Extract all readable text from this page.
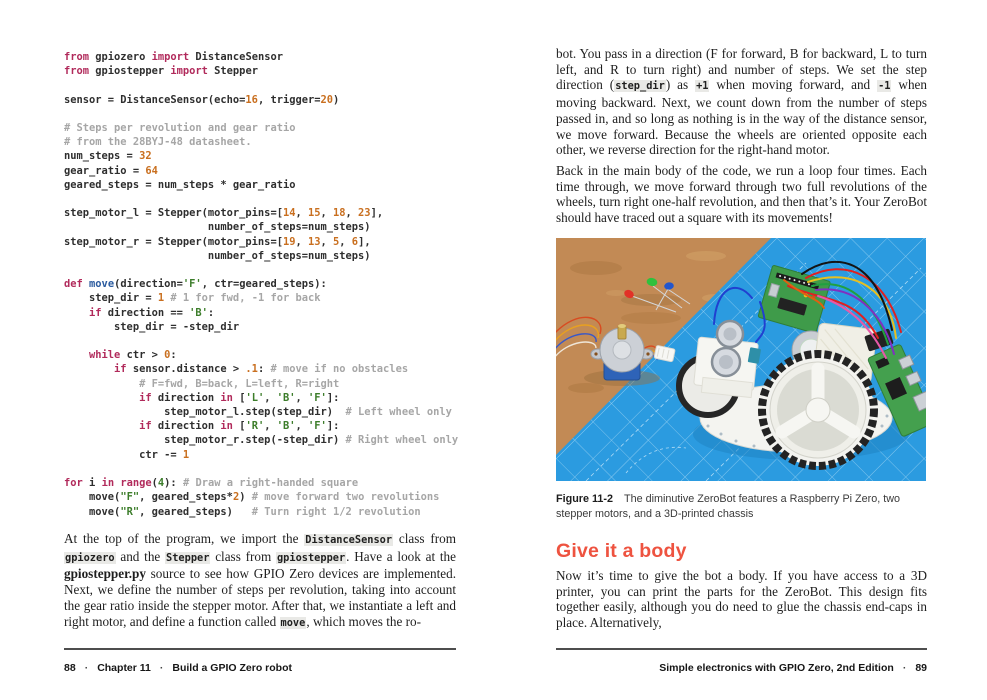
from gpiozero import DistanceSensor
from gpiostepper import Stepper

sensor = DistanceSensor(echo=16, trigger=20)

# Steps per revolution and gear ratio
# from the 28BYJ-48 datasheet.
num_steps = 32
gear_ratio = 64
geared_steps = num_steps * gear_ratio

step_motor_l = Stepper(motor_pins=[14, 15, 18, 23],
number_of_steps=num_steps)
step_motor_r = Stepper(motor_pins=[19, 13, 5, 6],
number_of_steps=num_steps)

def move(direction='F', ctr=geared_steps):
step_dir = 1 # 1 for fwd, -1 for back
if direction == 'B':
step_dir = -step_dir

while ctr > 0:
if sensor.distance > .1: # move if no obstacles
# F=fwd, B=back, L=left, R=right
if direction in ['L', 'B', 'F']:
step_motor_l.step(step_dir)  # Left wheel only
if direction in ['R', 'B', 'F']:
step_motor_r.step(-step_dir) # Right wheel only
ctr -= 1

for i in range(4): # Draw a right-handed square
move("F", geared_steps*2) # move forward two revolutions
move("R", geared_steps)   # Turn right 1/2 revolution
At the top of the program, we import the DistanceSensor class from gpiozero and the Stepper class from gpiostepper. Have a look at the gpiostepper.py source to see how GPIO Zero devices are implemented. Next, we define the number of steps per revolution, taking into account the gear ratio inside the stepper motor. After that, we instantiate a left and right motor, and define a function called move, which moves the ro-
88 · Chapter 11 · Build a GPIO Zero robot
bot. You pass in a direction (F for forward, B for backward, L to turn left, and R to turn right) and number of steps. We set the step direction (step_dir) as +1 when moving forward, and -1 when moving backward. Next, we count down from the number of steps passed in, and so long as nothing is in the way of the distance sensor, we move forward. Because the wheels are oriented opposite each other, we reverse direction for the right-hand motor.
Back in the main body of the code, we run a loop four times. Each time through, we move forward through two full revolutions of the wheels, turn right one-half revolution, and then that’s it. Your ZeroBot should have traced out a square with its movements!
Figure 11-2 The diminutive ZeroBot features a Raspberry Pi Zero, two stepper motors, and a 3D-printed chassis
Give it a body
Now it’s time to give the bot a body. If you have access to a 3D printer, you can print the parts for the ZeroBot. This design fits together easily, although you do need to glue the chassis end-caps in place. Alternatively,
Simple electronics with GPIO Zero, 2nd Edition · 89
